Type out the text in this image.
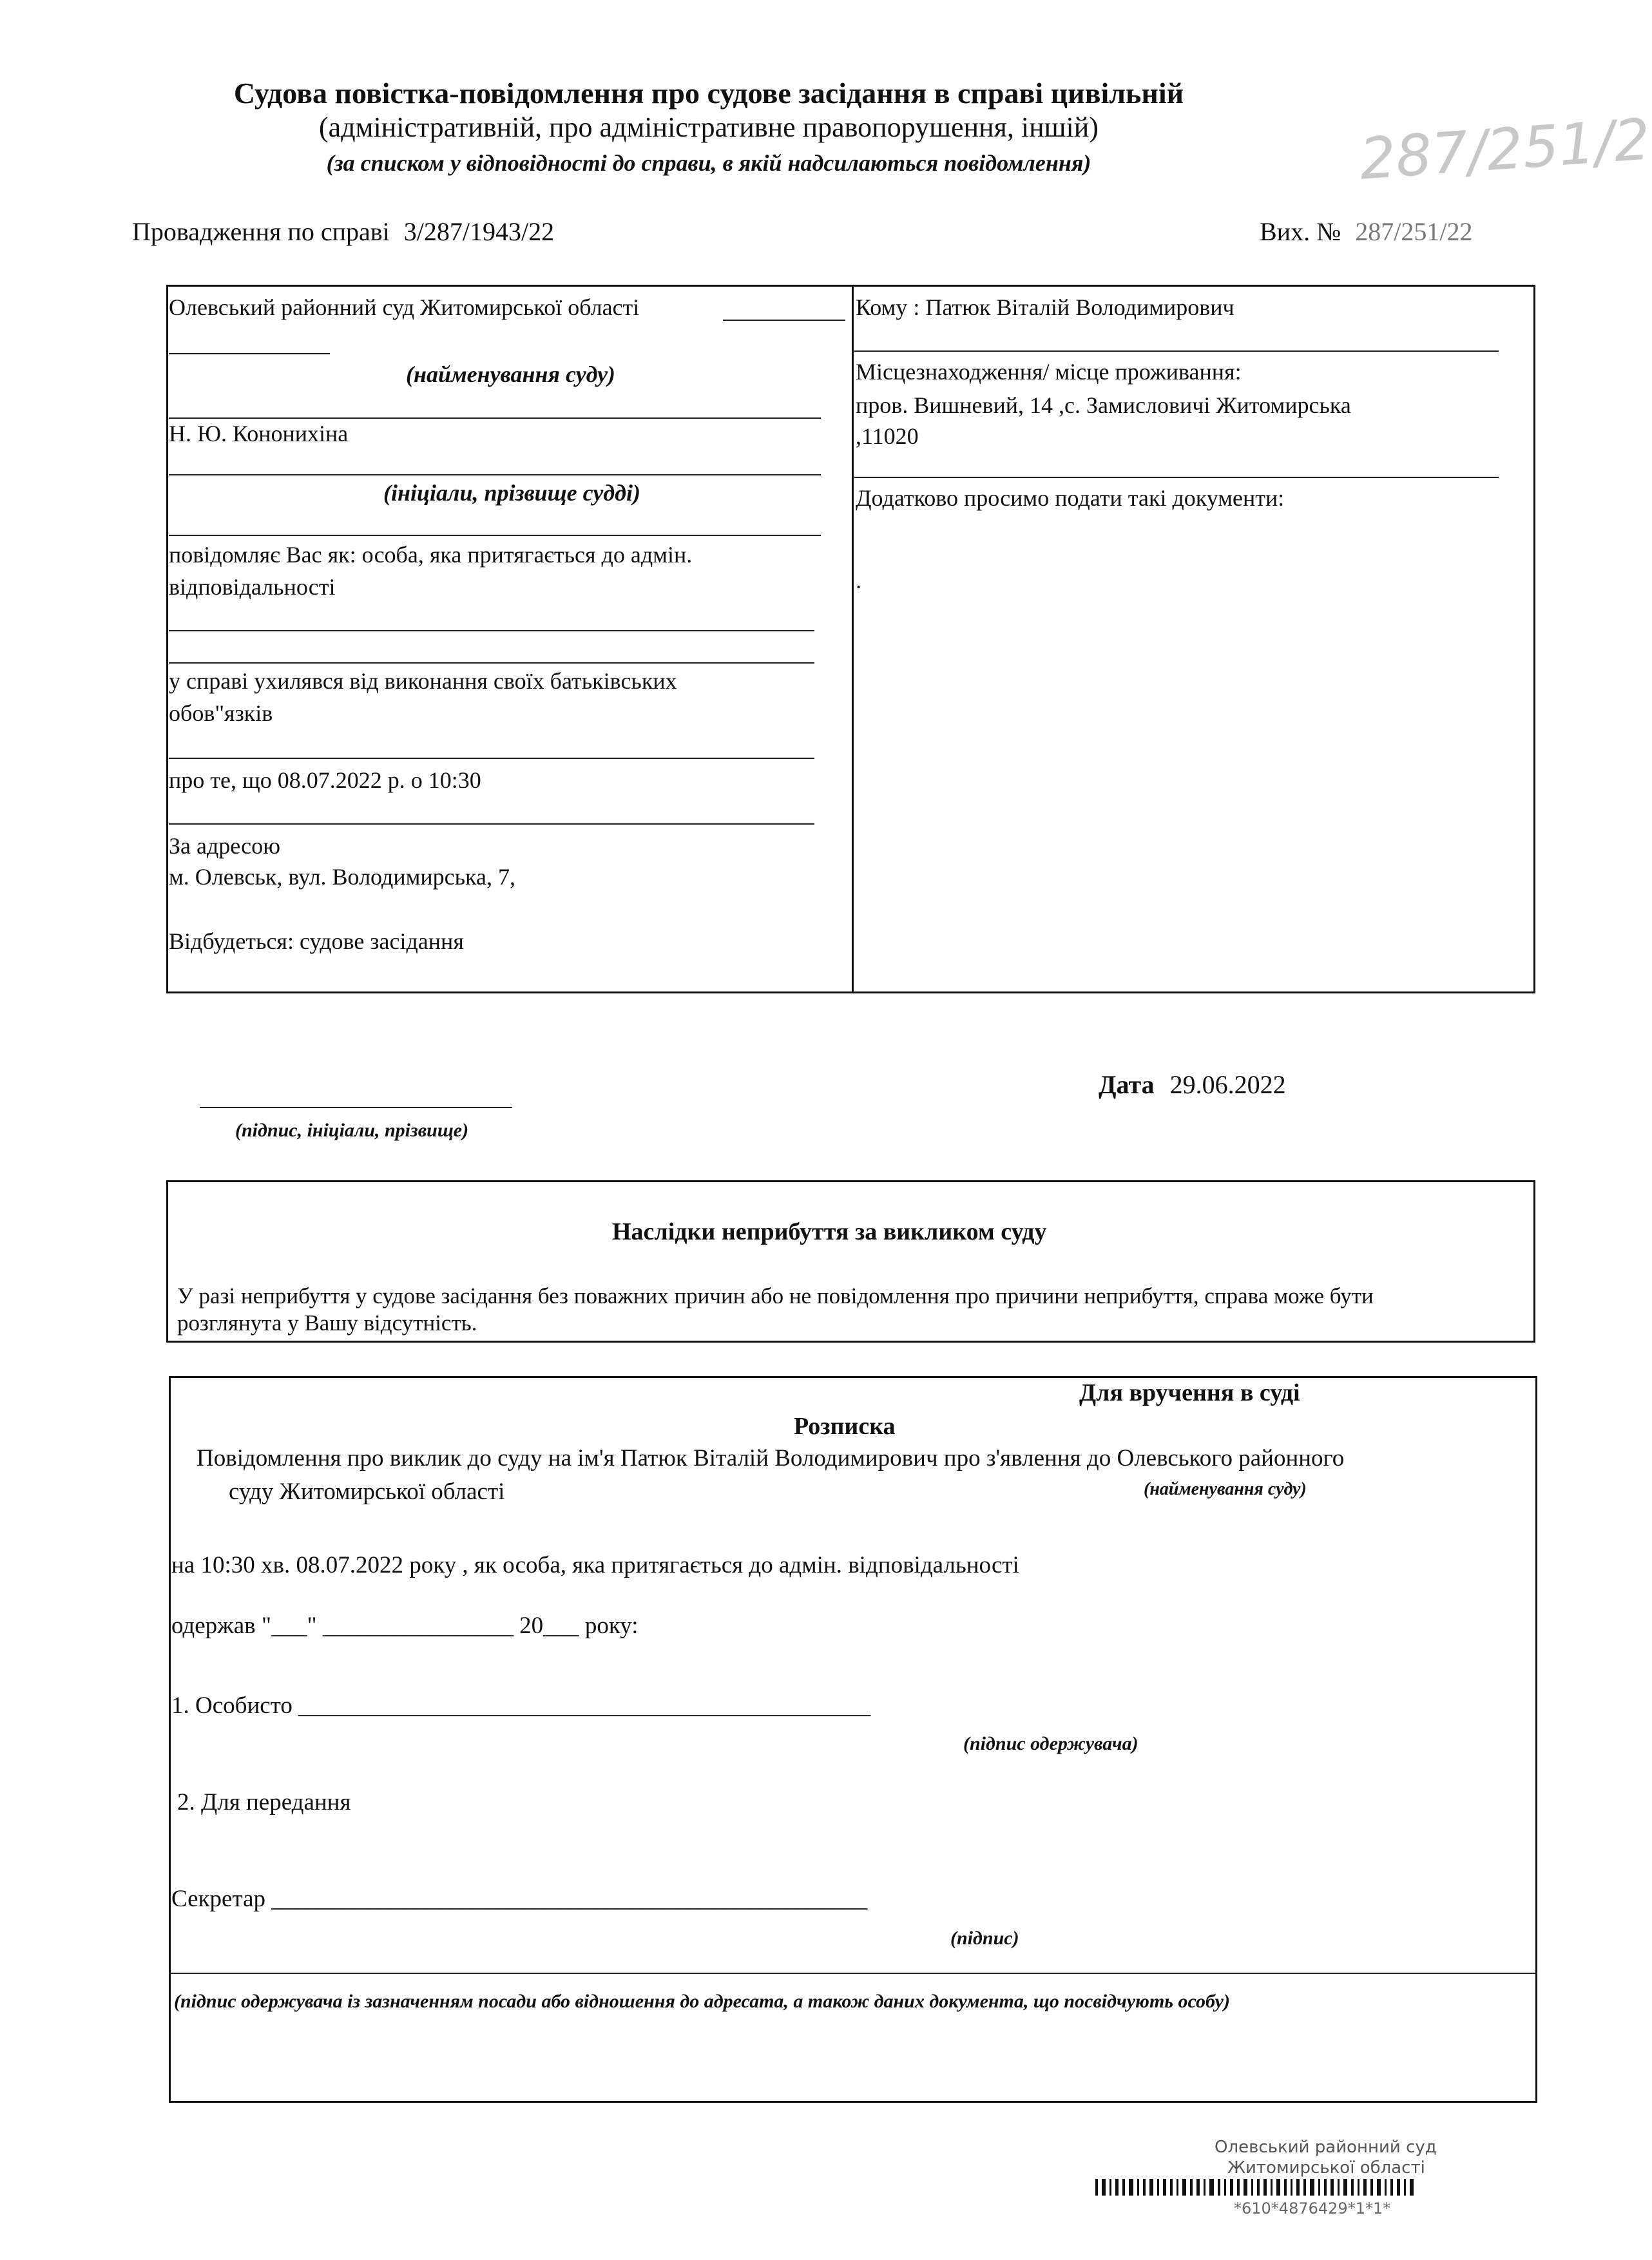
Судова повістка-повідомлення про судове засідання в справі цивільній
(адміністративній, про адміністративне правопорушення, іншій)
(за списком у відповідності до справи, в якій надсилаються повідомлення)	287/251/2
Провадження по справі 3/287/1943/22	Вих. № 287/251/22
Олевський районний суд Житомирської області
(найменування суду)
Н. Ю. Кононихіна
(ініціали, прізвище судді)
повідомляє Вас як: особа, яка притягається до адмін.
відповідальності
у справі ухилявся від виконання своїх батьківських
обов"язків
про те, що 08.07.2022 р. о 10:30
За адресою
м. Олевськ, вул. Володимирська, 7,
Відбудеться: судове засідання
Кому : Патюк Віталій Володимирович
Місцезнаходження/ місце проживання:
пров. Вишневий, 14 ,с. Замисловичі Житомирська
,11020
Додатково просимо подати такі документи:
.
(підпис, ініціали, прізвище)
Дата 29.06.2022
Наслідки неприбуття за викликом суду
У разі неприбуття у судове засідання без поважних причин або не повідомлення про причини неприбуття, справа може бути
розглянута у Вашу відсутність.
Для вручення в суді
Розписка
Повідомлення про виклик до суду на ім'я Патюк Віталій Володимирович про з'явлення до Олевського районного
суду Житомирської області	(найменування суду)
на 10:30 хв. 08.07.2022 року , як особа, яка притягається до адмін. відповідальності
одержав "___" ________________ 20___ року:
1. Особисто ________________________________________________
(підпис одержувача)
2. Для передання
Секретар __________________________________________________
(підпис)
(підпис одержувача із зазначенням посади або відношення до адресата, а також даних документа, що посвідчують особу)
Олевський районний суд
Житомирської області
*610*4876429*1*1*
